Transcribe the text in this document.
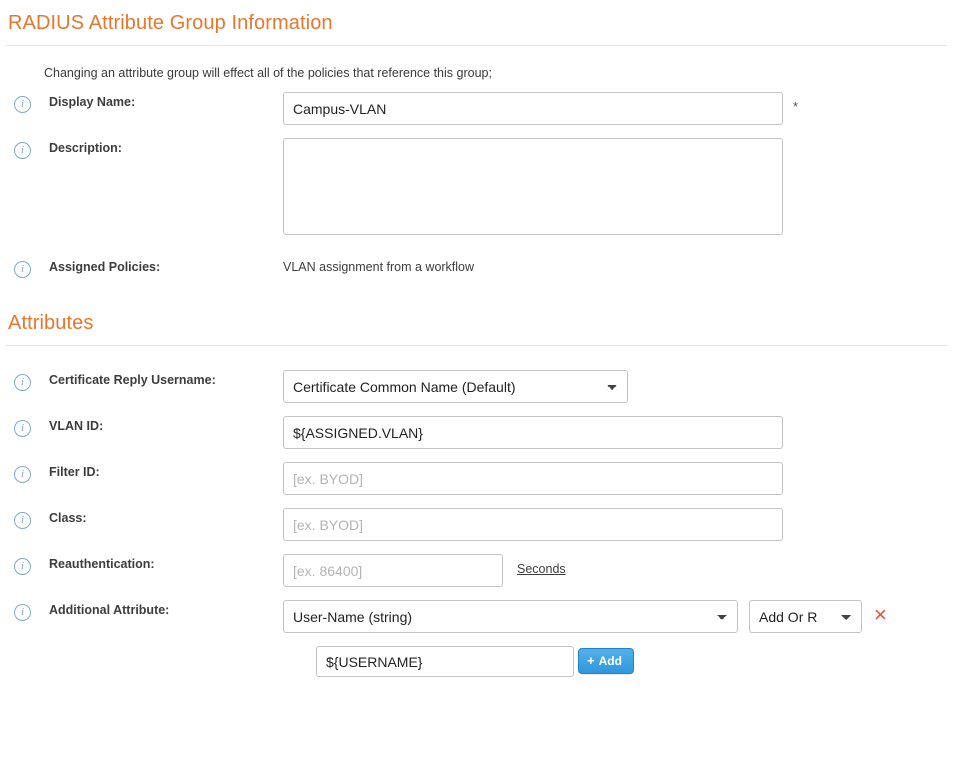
RADIUS Attribute Group Information
Changing an attribute group will effect all of the policies that reference this group;
i	Display Name:
Campus-VLAN	*
i	Description:
i	Assigned Policies:	VLAN assignment from a workflow
Attributes
i	Certificate Reply Username:
Certificate Common Name (Default)
i	VLAN ID:
${ASSIGNED.VLAN}
i	Filter ID:
[ex. BYOD]
i	Class:
[ex. BYOD]
i	Reauthentication:
[ex. 86400]	Seconds
i	Additional Attribute:
User-Name (string)
Add Or R	×
${USERNAME}
+ Add
